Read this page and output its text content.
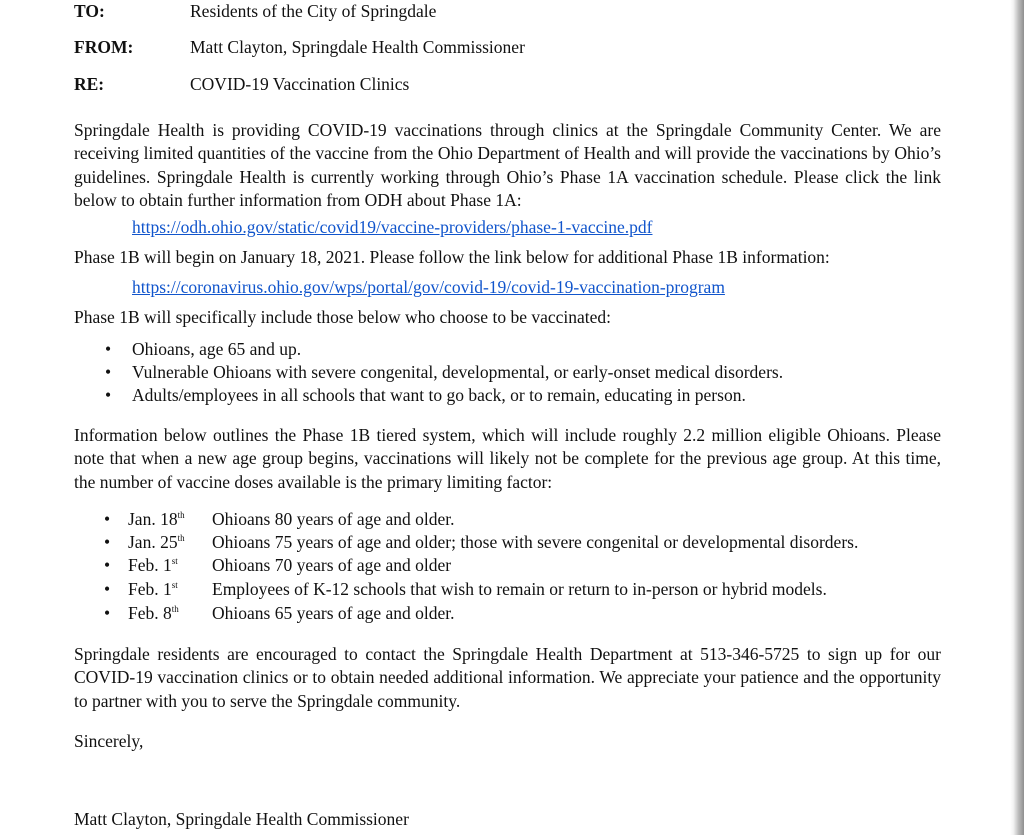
TO:	Residents of the City of Springdale
FROM:	Matt Clayton, Springdale Health Commissioner
RE:	COVID-19 Vaccination Clinics
Springdale Health is providing COVID-19 vaccinations through clinics at the Springdale Community Center. We are receiving limited quantities of the vaccine from the Ohio Department of Health and will provide the vaccinations by Ohio’s guidelines. Springdale Health is currently working through Ohio’s Phase 1A vaccination schedule. Please click the link below to obtain further information from ODH about Phase 1A:
https://odh.ohio.gov/static/covid19/vaccine-providers/phase-1-vaccine.pdf
Phase 1B will begin on January 18, 2021. Please follow the link below for additional Phase 1B information:
https://coronavirus.ohio.gov/wps/portal/gov/covid-19/covid-19-vaccination-program
Phase 1B will specifically include those below who choose to be vaccinated:
• Ohioans, age 65 and up.
• Vulnerable Ohioans with severe congenital, developmental, or early-onset medical disorders.
• Adults/employees in all schools that want to go back, or to remain, educating in person.
Information below outlines the Phase 1B tiered system, which will include roughly 2.2 million eligible Ohioans. Please note that when a new age group begins, vaccinations will likely not be complete for the previous age group. At this time, the number of vaccine doses available is the primary limiting factor:
• Jan. 18th Ohioans 80 years of age and older.
• Jan. 25th Ohioans 75 years of age and older; those with severe congenital or developmental disorders.
• Feb. 1st Ohioans 70 years of age and older
• Feb. 1st Employees of K-12 schools that wish to remain or return to in-person or hybrid models.
• Feb. 8th Ohioans 65 years of age and older.
Springdale residents are encouraged to contact the Springdale Health Department at 513-346-5725 to sign up for our COVID-19 vaccination clinics or to obtain needed additional information. We appreciate your patience and the opportunity to partner with you to serve the Springdale community.
Sincerely,
Matt Clayton, Springdale Health Commissioner
